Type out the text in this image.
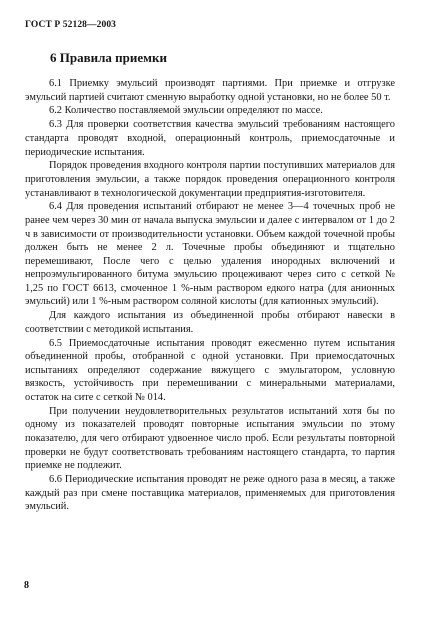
ГОСТ Р 52128—2003
6 Правила приемки

6.1 Приемку эмульсий производят партиями. При приемке и отгрузке эмульсий партией считают сменную выработку одной установки, но не более 50 т.

6.2 Количество поставляемой эмульсии определяют по массе.

6.3 Для проверки соответствия качества эмульсий требованиям настоящего стандарта проводят входной, операционный контроль, приемосдаточные и периодические испытания.

Порядок проведения входного контроля партии поступивших материалов для приготовления эмульсии, а также порядок проведения операционного контроля устанавливают в технологической документации предприятия-изготовителя.

6.4 Для проведения испытаний отбирают не менее 3—4 точечных проб не ранее чем через 30 мин от начала выпуска эмульсии и далее с интервалом от 1 до 2 ч в зависимости от производительности установки. Объем каждой точечной пробы должен быть не менее 2 л. Точечные пробы объединяют и тщательно перемешивают, После чего с целью удаления инородных включений и непроэмульгированного битума эмульсию процеживают через сито с сеткой № 1,25 по ГОСТ 6613, смоченное 1 %-ным раствором едкого натра (для анионных эмульсий) или 1 %-ным раствором соляной кислоты (для катионных эмульсий).

Для каждого испытания из объединенной пробы отбирают навески в соответствии с методикой испытания.

6.5 Приемосдаточные испытания проводят ежесменно путем испытания объединенной пробы, отобранной с одной установки. При приемосдаточных испытаниях определяют содержание вяжущего с эмульгатором, условную вязкость, устойчивость при перемешивании с минеральными материалами, остаток на сите с сеткой № 014.

При получении неудовлетворительных результатов испытаний хотя бы по одному из показателей проводят повторные испытания эмульсии по этому показателю, для чего отбирают удвоенное число проб. Если результаты повторной проверки не будут соответствовать требованиям настоящего стандарта, то партия приемке не подлежит.

6.6 Периодические испытания проводят не реже одного раза в месяц, а также каждый раз при смене поставщика материалов, применяемых для приготовления эмульсий.

8
